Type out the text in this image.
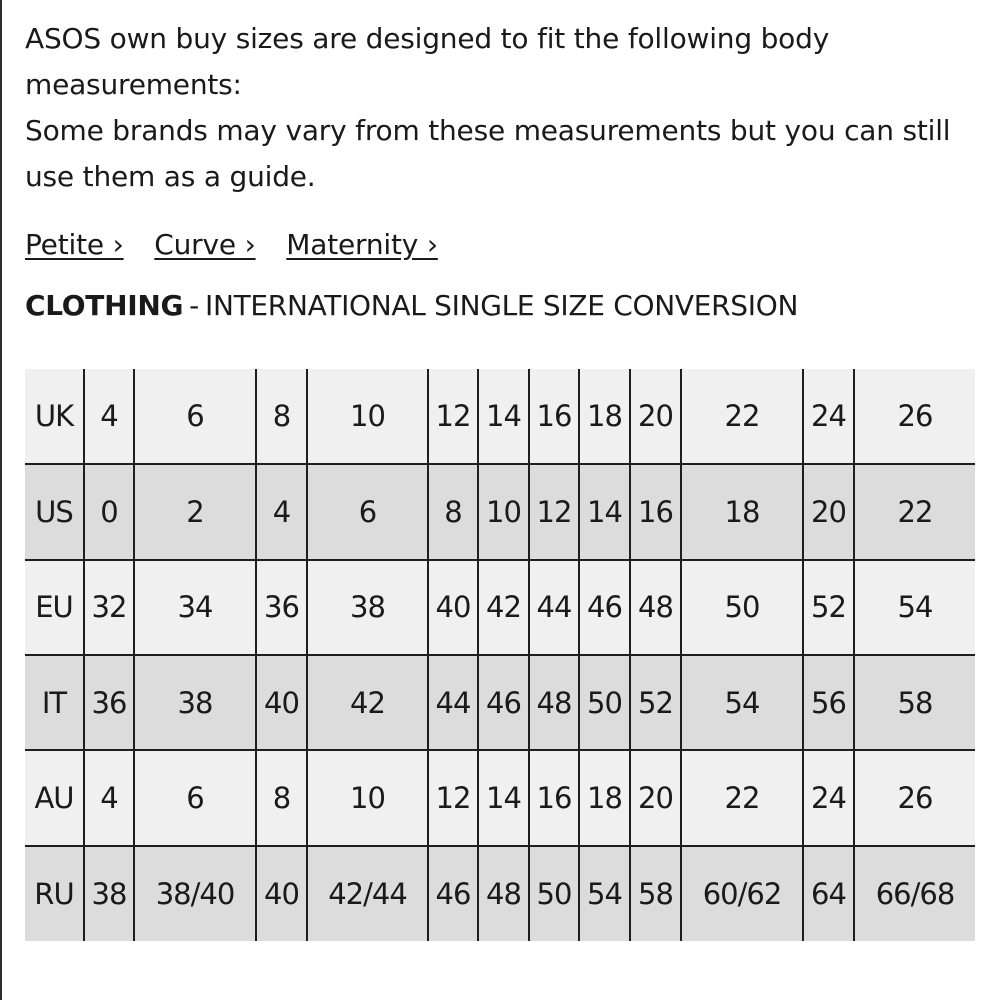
ASOS own buy sizes are designed to fit the following body measurements:

Some brands may vary from these measurements but you can still use them as a guide.

Petite › Curve › Maternity ›
CLOTHING - INTERNATIONAL SINGLE SIZE CONVERSION
UK	4	6	8	10	12	14	16	18	20	22	24	26
US	0	2	4	6	8	10	12	14	16	18	20	22
EU	32	34	36	38	40	42	44	46	48	50	52	54
IT	36	38	40	42	44	46	48	50	52	54	56	58
AU	4	6	8	10	12	14	16	18	20	22	24	26
RU	38	38/40	40	42/44	46	48	50	54	58	60/62	64	66/68
